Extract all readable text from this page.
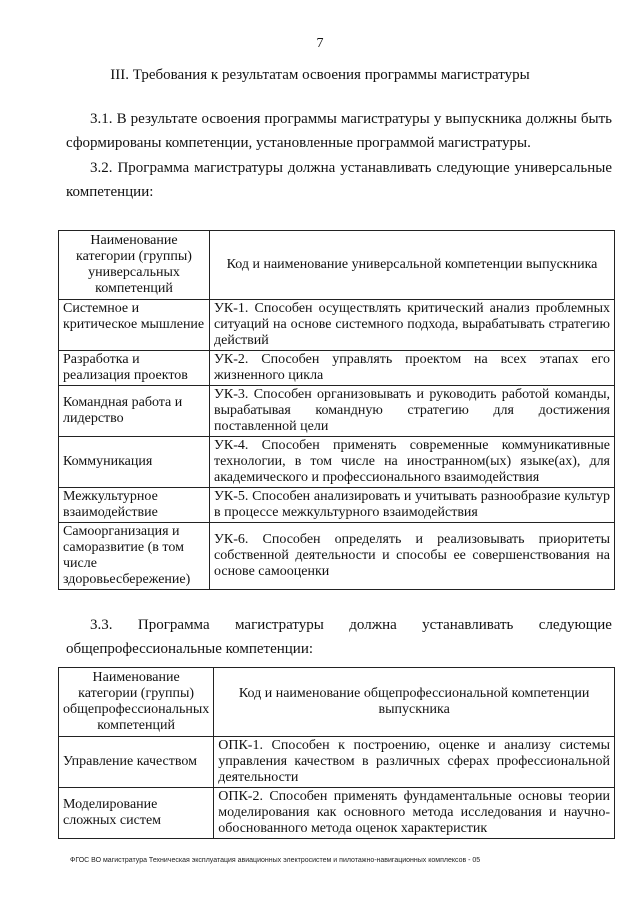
7
III. Требования к результатам освоения программы магистратуры

3.1. В результате освоения программы магистратуры у выпускника должны быть сформированы компетенции, установленные программой магистратуры.

3.2. Программа магистратуры должна устанавливать следующие универсальные компетенции:

Наименование категории (группы) универсальных компетенций	Код и наименование универсальной компетенции выпускника
Системное и критическое мышление	УК-1. Способен осуществлять критический анализ проблемных ситуаций на основе системного подхода, вырабатывать стратегию действий
Разработка и реализация проектов	УК-2. Способен управлять проектом на всех этапах его жизненного цикла
Командная работа и лидерство	УК-3. Способен организовывать и руководить работой команды, вырабатывая командную стратегию для достижения поставленной цели
Коммуникация	УК-4. Способен применять современные коммуникативные технологии, в том числе на иностранном(ых) языке(ах), для академического и профессионального взаимодействия
Межкультурное взаимодействие	УК-5. Способен анализировать и учитывать разнообразие культур в процессе межкультурного взаимодействия
Самоорганизация и саморазвитие (в том числе здоровьесбережение)	УК-6. Способен определять и реализовывать приоритеты собственной деятельности и способы ее совершенствования на основе самооценки
3.3. Программа магистратуры должна устанавливать следующие
общепрофессиональные компетенции:
Наименование категории (группы) общепрофессиональных компетенций	Код и наименование общепрофессиональной компетенции выпускника
Управление качеством	ОПК-1. Способен к построению, оценке и анализу системы управления качеством в различных сферах профессиональной деятельности
Моделирование сложных систем	ОПК-2. Способен применять фундаментальные основы теории моделирования как основного метода исследования и научно-обоснованного метода оценок характеристик
ФГОС ВО магистратура Техническая эксплуатация авиационных электросистем и пилотажно-навигационных комплексов - 05
